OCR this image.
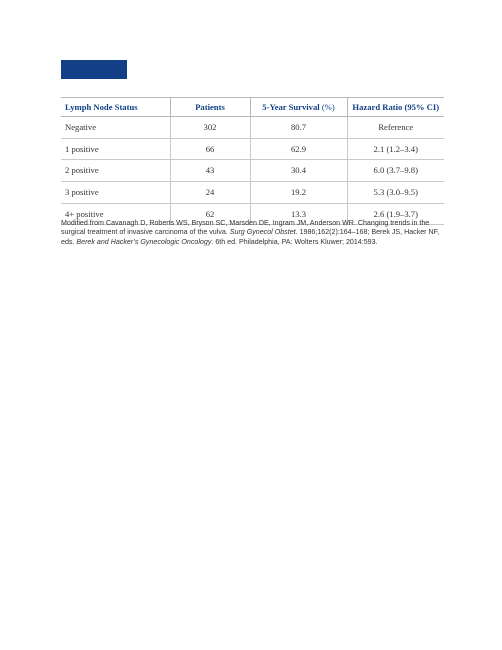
Lymph Node Status	Patients	5-Year Survival (%)	Hazard Ratio (95% CI)
Negative	302	80.7	Reference
1 positive	66	62.9	2.1 (1.2–3.4)
2 positive	43	30.4	6.0 (3.7–9.8)
3 positive	24	19.2	5.3 (3.0–9.5)
4+ positive	62	13.3	2.6 (1.9–3.7)

Modified from Cavanagh D, Roberts WS, Bryson SC, Marsden DE, Ingram JM, Anderson WR. Changing trends in the surgical treatment of invasive carcinoma of the vulva. Surg Gynecol Obstet. 1986;162(2):164–168; Berek JS, Hacker NF, eds. Berek and Hacker’s Gynecologic Oncology. 6th ed. Philadelphia, PA: Wolters Kluwer; 2014:593.
